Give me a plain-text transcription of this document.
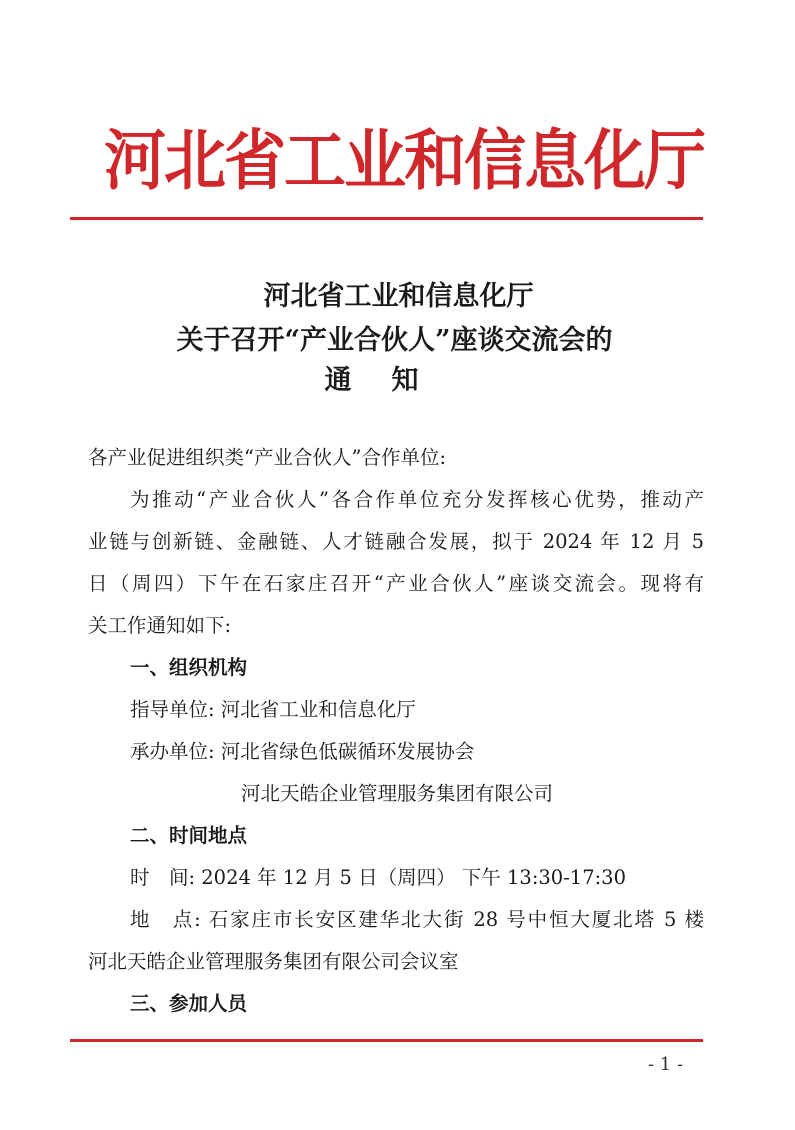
河北省工业和信息化厅
河北省工业和信息化厅
关于召开“产业合伙人”座谈交流会的
通知
各产业促进组织类“产业合伙人”合作单位:
为推动“产业合伙人”各合作单位充分发挥核心优势，推动产
业链与创新链、金融链、人才链融合发展，拟于 2024 年 12 月 5
日（周四）下午在石家庄召开“产业合伙人”座谈交流会。现将有
关工作通知如下:
一、组织机构
指导单位: 河北省工业和信息化厅
承办单位: 河北省绿色低碳循环发展协会
河北天皓企业管理服务集团有限公司
二、时间地点
时　间: 2024 年 12 月 5 日（周四） 下午 13:30-17:30
地　点: 石家庄市长安区建华北大街 28 号中恒大厦北塔 5 楼
河北天皓企业管理服务集团有限公司会议室
三、参加人员
- 1 -
